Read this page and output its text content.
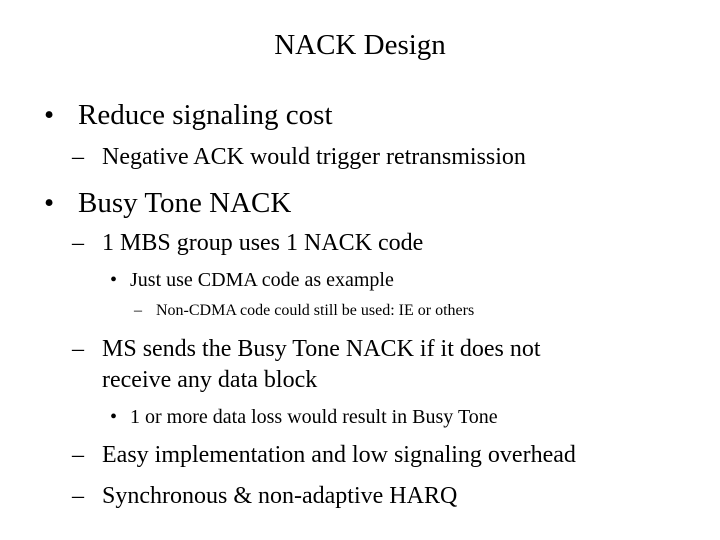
NACK Design
• Reduce signaling cost
– Negative ACK would trigger retransmission
• Busy Tone NACK
– 1 MBS group uses 1 NACK code
• Just use CDMA code as example
– Non-CDMA code could still be used: IE or others
– MS sends the Busy Tone NACK if it does not
receive any data block
• 1 or more data loss would result in Busy Tone
– Easy implementation and low signaling overhead
– Synchronous & non-adaptive HARQ
